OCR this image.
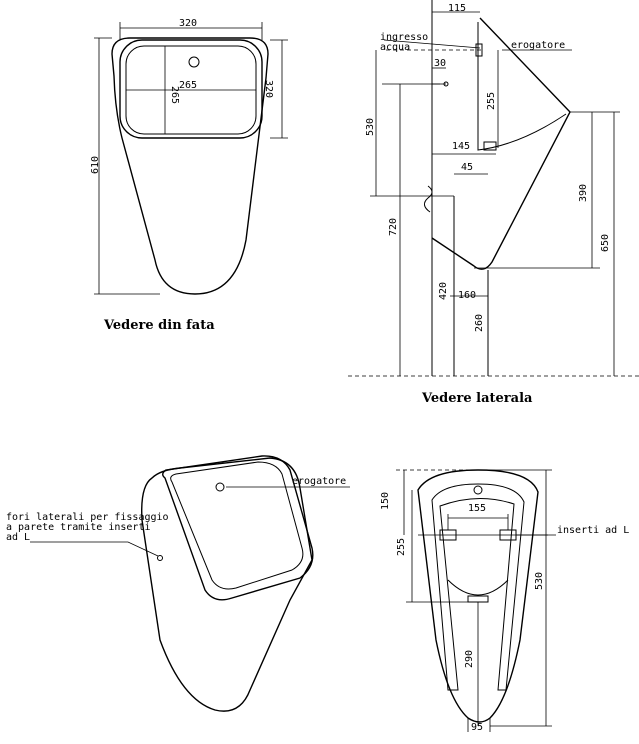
320
265
265	320
610
Vedere din fata
115
ingresso
acqua	erogatore
30
255
530
145
45
390
720
650
420 160
260
Vedere laterala
erogatore
fori laterali per fissaggio
a parete tramite inserti
ad L
150	155
inserti ad L
255
530
290
95
